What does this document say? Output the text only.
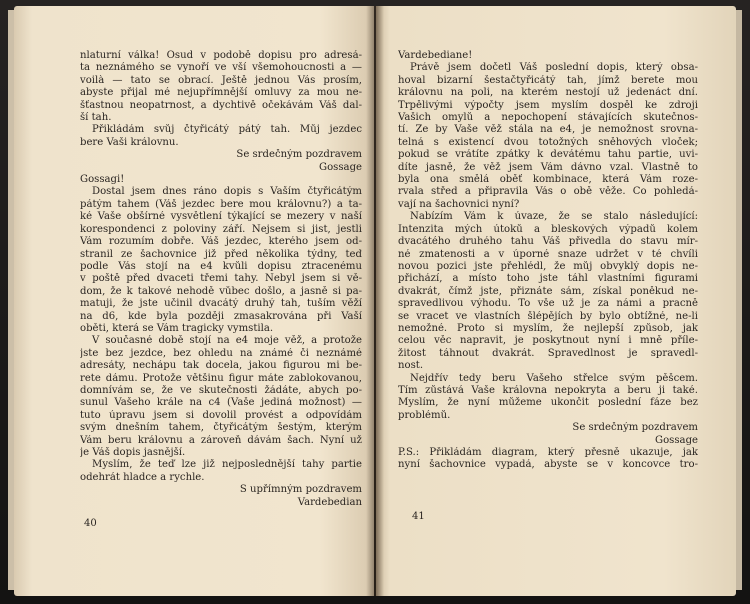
nlaturní válka! Osud v podobě dopisu pro adresá-
ta neznámého se vynoří ve vší všemohoucnosti a —
voilà — tato se obrací. Ještě jednou Vás prosím,
abyste přijal mé nejupřímnější omluvy za mou ne-
šťastnou neopatrnost, a dychtivě očekávám Váš dal-
ší tah.
Přikládám svůj čtyřicátý pátý tah. Můj jezdec
bere Vaši královnu.
Se srdečným pozdravem
Gossage
Gossagi!
Dostal jsem dnes ráno dopis s Vaším čtyřicátým
pátým tahem (Váš jezdec bere mou královnu?) a ta-
ké Vaše obšírné vysvětlení týkající se mezery v naší
korespondenci z poloviny září. Nejsem si jist, jestli
Vám rozumím dobře. Váš jezdec, kterého jsem od-
stranil ze šachovnice již před několika týdny, teď
podle Vás stojí na e4 kvůli dopisu ztracenému
v poště před dvaceti třemi tahy. Nebyl jsem si vě-
dom, že k takové nehodě vůbec došlo, a jasně si pa-
matuji, že jste učinil dvacátý druhý tah, tuším věží
na d6, kde byla později zmasakrována při Vaší
oběti, která se Vám tragicky vymstila.
V současné době stojí na e4 moje věž, a protože
jste bez jezdce, bez ohledu na známé či neznámé
adresáty, nechápu tak docela, jakou figurou mi be-
rete dámu. Protože většinu figur máte zablokovanou,
domnívám se, že ve skutečnosti žádáte, abych po-
sunul Vašeho krále na c4 (Vaše jediná možnost) —
tuto úpravu jsem si dovolil provést a odpovídám
svým dnešním tahem, čtyřicátým šestým, kterým
Vám beru královnu a zároveň dávám šach. Nyní už
je Váš dopis jasnější.
Myslím, že teď lze již nejposlednější tahy partie
odehrát hladce a rychle.
S upřímným pozdravem
Vardebedian
40
Vardebediane!
Právě jsem dočetl Váš poslední dopis, který obsa-
hoval bizarní šestačtyřicátý tah, jímž berete mou
královnu na poli, na kterém nestojí už jedenáct dní.
Trpělivými výpočty jsem myslím dospěl ke zdroji
Vašich omylů a nepochopení stávajících skutečnos-
tí. Že by Vaše věž stála na e4, je nemožnost srovna-
telná s existencí dvou totožných sněhových vloček;
pokud se vrátíte zpátky k devátému tahu partie, uvi-
díte jasně, že věž jsem Vám dávno vzal. Vlastně to
byla ona smělá oběť kombinace, která Vám roze-
rvala střed a připravila Vás o obě věže. Co pohledá-
vají na šachovnici nyní?
Nabízím Vám k úvaze, že se stalo následující:
Intenzita mých útoků a bleskových výpadů kolem
dvacátého druhého tahu Váš přivedla do stavu mír-
né zmatenosti a v úporné snaze udržet v té chvíli
novou pozici jste přehlédl, že můj obvyklý dopis ne-
přichází, a místo toho jste táhl vlastními figurami
dvakrát, čímž jste, přiznáte sám, získal poněkud ne-
spravedlivou výhodu. To vše už je za námi a pracně
se vracet ve vlastních šlépějích by bylo obtížné, ne-li
nemožné. Proto si myslím, že nejlepší způsob, jak
celou věc napravit, je poskytnout nyní i mně příle-
žitost táhnout dvakrát. Spravedlnost je spravedl-
nost.
Nejdřív tedy beru Vašeho střelce svým pěšcem.
Tím zůstává Vaše královna nepokryta a beru ji také.
Myslím, že nyní můžeme ukončit poslední fáze bez
problémů.
Se srdečným pozdravem
Gossage
P.S.: Přikládám diagram, který přesně ukazuje, jak
nyní šachovnice vypadá, abyste se v koncovce tro-
41
